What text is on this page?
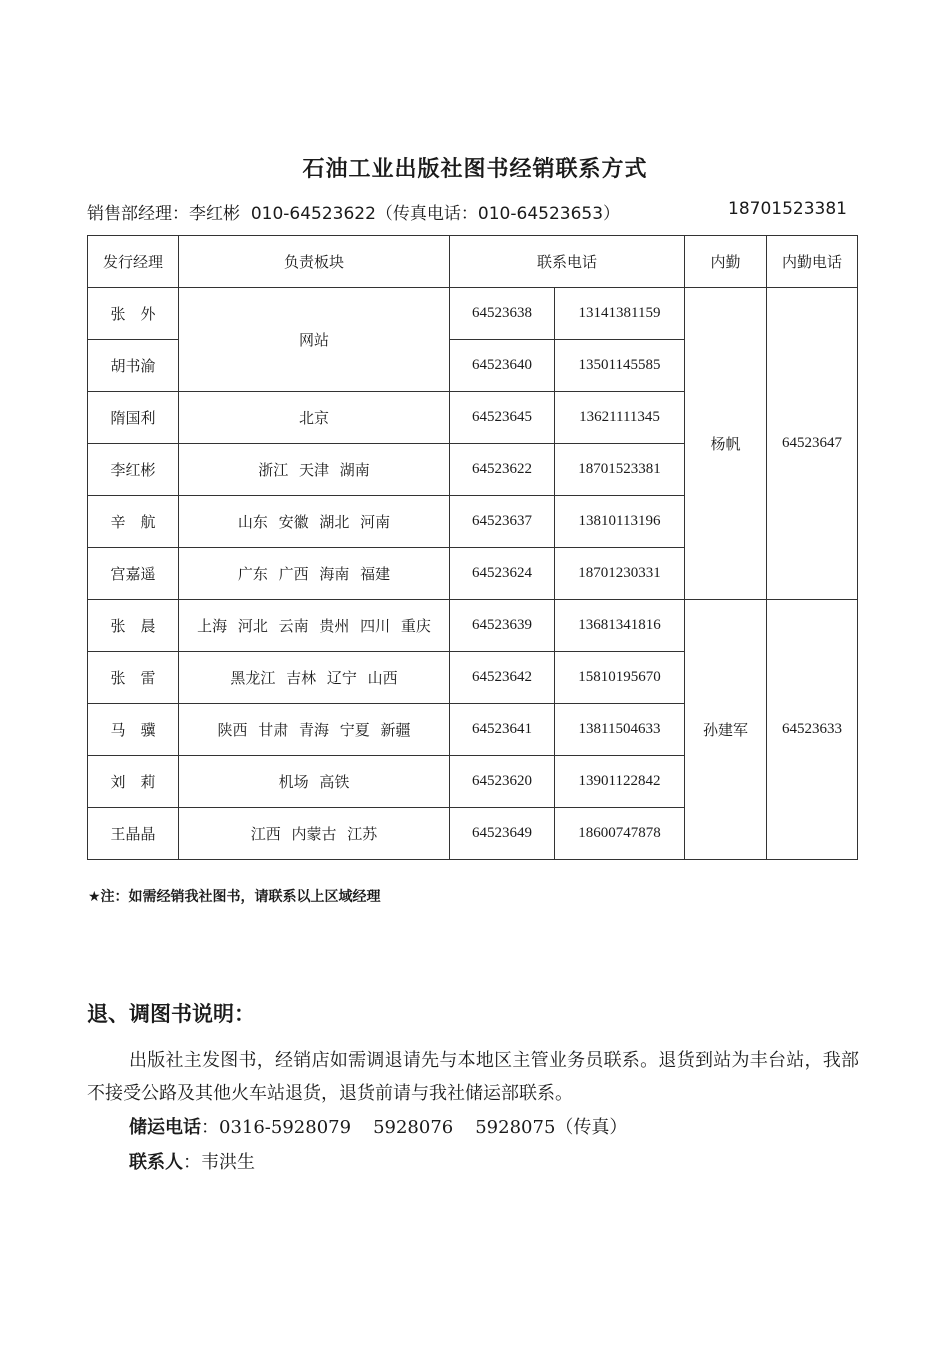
石油工业出版社图书经销联系方式
销售部经理：李红彬 010-64523622（传真电话：010-64523653）	18701523381
发行经理	负责板块	联系电话		内勤	内勤电话
张　外	网站	64523638	13141381159	杨帆	64523647
胡书渝		64523640	13501145585		
隋国利	北京	64523645	13621111345		
李红彬	浙江 天津 湖南	64523622	18701523381		
辛　航	山东 安徽 湖北 河南	64523637	13810113196		
宫嘉遥	广东 广西 海南 福建	64523624	18701230331		
张　晨	上海 河北 云南 贵州 四川 重庆	64523639	13681341816	孙建军	64523633
张　雷	黑龙江 吉林 辽宁 山西	64523642	15810195670		
马　骥	陕西 甘肃 青海 宁夏 新疆	64523641	13811504633		
刘　莉	机场 高铁	64523620	13901122842		
王晶晶	江西 内蒙古 江苏	64523649	18600747878		
★注：如需经销我社图书，请联系以上区域经理
退、调图书说明：
出版社主发图书，经销店如需调退请先与本地区主管业务员联系。退货到站为丰台站，我部不接受公路及其他火车站退货，退货前请与我社储运部联系。
储运电话：0316-5928079 5928076 5928075（传真）
联系人：韦洪生
